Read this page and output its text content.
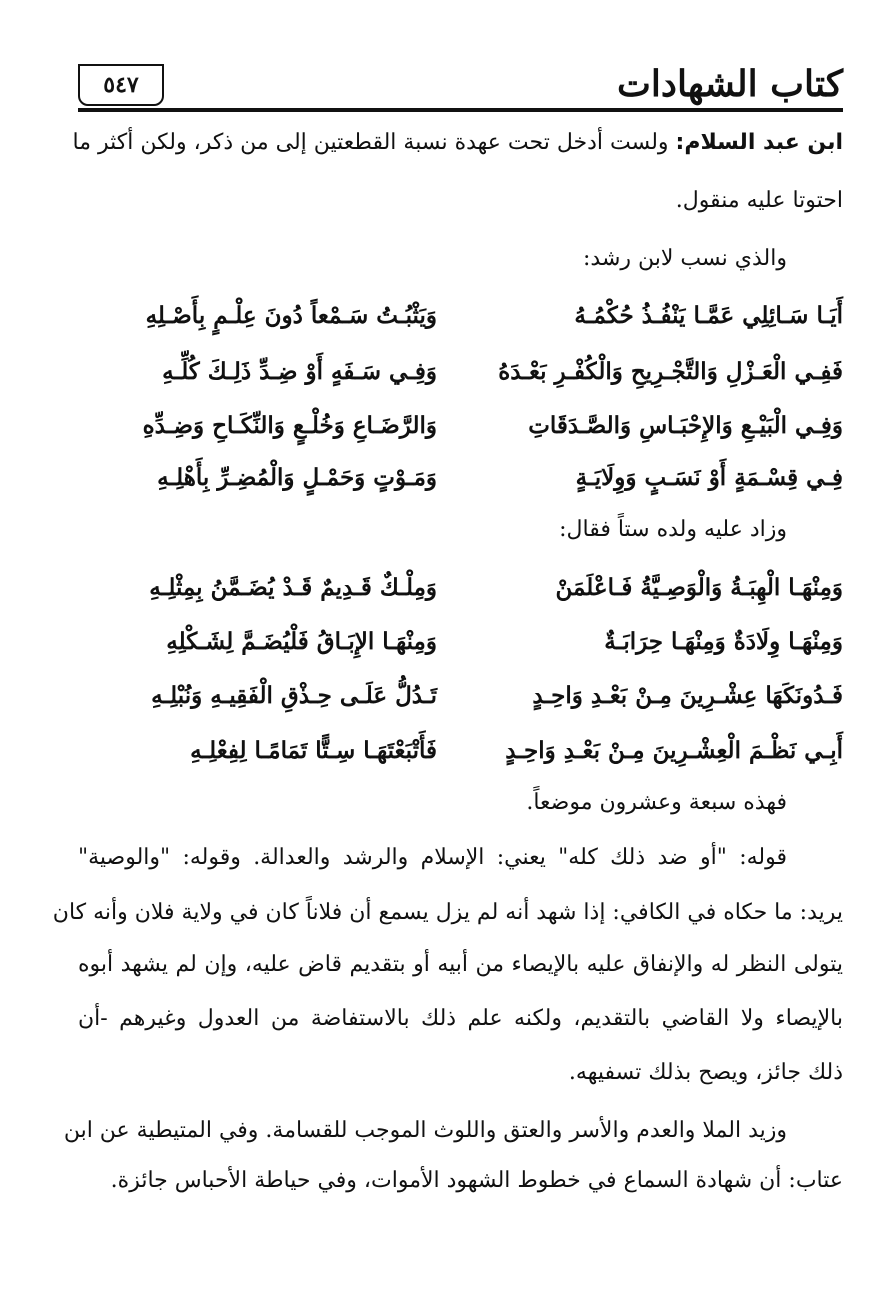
كتاب الشهادات
٥٤٧
ابن عبد السلام: ولست أدخل تحت عهدة نسبة القطعتين إلى من ذكر، ولكن أكثر ما
احتوتا عليه منقول.
والذي نسب لابن رشد:
أَيَـا سَـائِلِي عَمَّـا يَنْفُـذُ حُكْمُـهُ
وَيَثْبُـتُ سَـمْعاً دُونَ عِلْـمٍ بِأَصْـلِهِ
فَفِـي الْعَـزْلِ وَالتَّجْـرِيحِ وَالْكُفْـرِ بَعْـدَهُ
وَفِـي سَـفَهٍ أَوْ ضِـدِّ ذَلِـكَ كُلِّـهِ
وَفِـي الْبَيْـعِ وَالإِحْبَـاسِ وَالصَّـدَقَاتِ
وَالرَّضَـاعِ وَخُلْـعٍ وَالنِّكَـاحِ وَضِـدِّهِ
فِـي قِسْـمَةٍ أَوْ نَسَـبٍ وَوِلَايَـةٍ
وَمَـوْتٍ وَحَمْـلٍ وَالْمُضِـرِّ بِأَهْلِـهِ
وزاد عليه ولده ستاً فقال:
وَمِنْهَـا الْهِبَـةُ وَالْوَصِـيَّةُ فَـاعْلَمَنْ
وَمِلْـكٌ قَـدِيمٌ قَـدْ يُضَـمَّنُ بِمِثْلِـهِ
وَمِنْهَـا وِلَادَةٌ وَمِنْهَـا حِرَابَـةٌ
وَمِنْهَـا الإِبَـاقُ فَلْيُضَـمَّ لِشَـكْلِهِ
فَـدُونَكَهَا عِشْـرِينَ مِـنْ بَعْـدِ وَاحِـدٍ
تَـدُلُّ عَلَـى حِـذْقِ الْفَقِيـهِ وَنُبْلِـهِ
أَبِـي نَظْـمَ الْعِشْـرِينَ مِـنْ بَعْـدِ وَاحِـدٍ
فَأَتْبَعْتَهَـا سِـتًّا تَمَامًـا لِفِعْلِـهِ
فهذه سبعة وعشرون موضعاً.
قوله: "أو ضد ذلك كله" يعني: الإسلام والرشد والعدالة. وقوله: "والوصية"
يريد: ما حكاه في الكافي: إذا شهد أنه لم يزل يسمع أن فلاناً كان في ولاية فلان وأنه كان
يتولى النظر له والإنفاق عليه بالإيصاء من أبيه أو بتقديم قاض عليه، وإن لم يشهد أبوه
بالإيصاء ولا القاضي بالتقديم، ولكنه علم ذلك بالاستفاضة من العدول وغيرهم -أن
ذلك جائز، ويصح بذلك تسفيهه.
وزيد الملا والعدم والأسر والعتق واللوث الموجب للقسامة. وفي المتيطية عن ابن
عتاب: أن شهادة السماع في خطوط الشهود الأموات، وفي حياطة الأحباس جائزة.
